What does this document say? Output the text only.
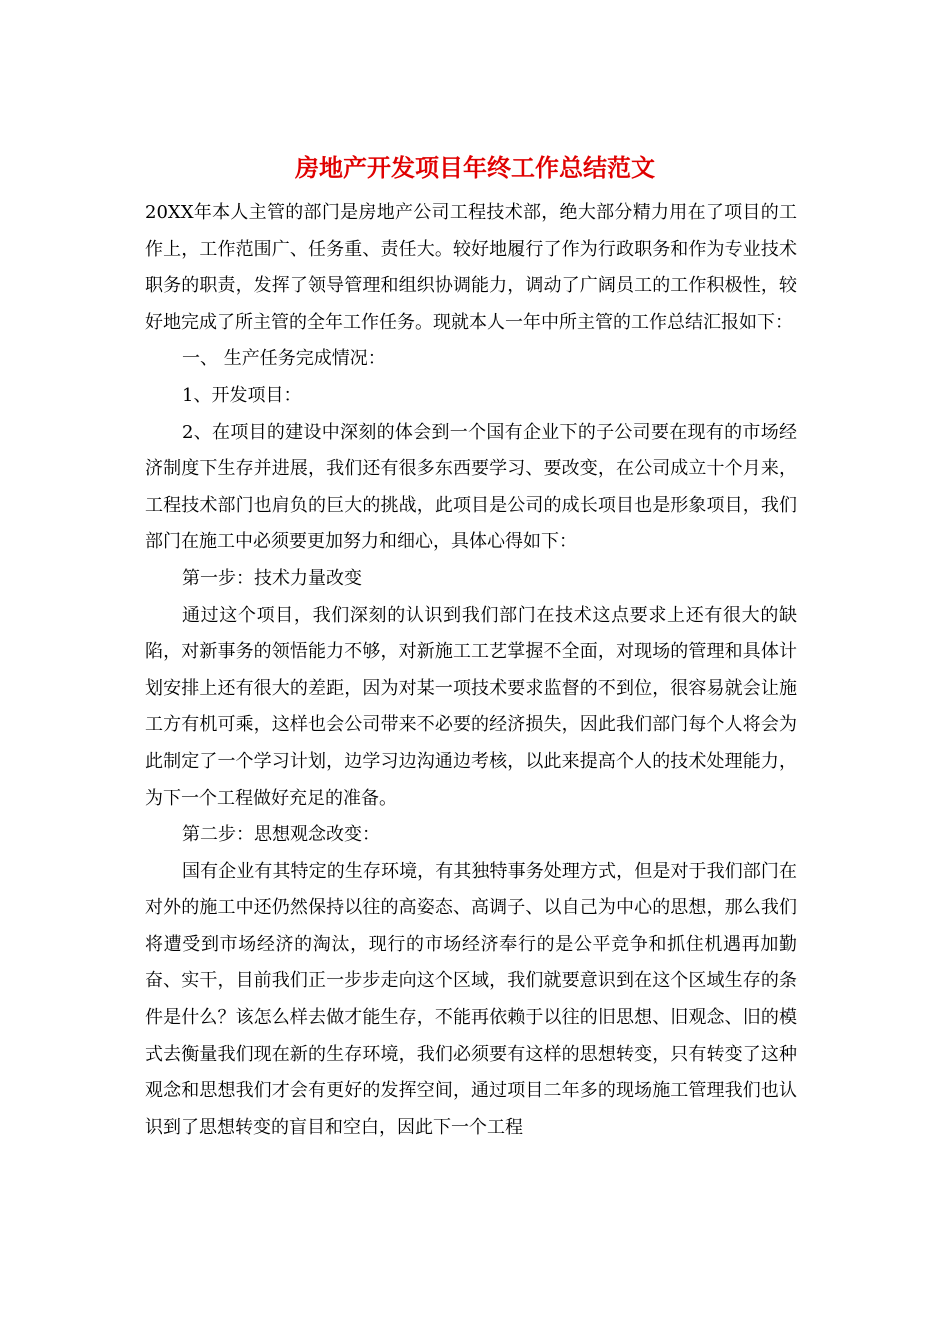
房地产开发项目年终工作总结范文

20XX年本人主管的部门是房地产公司工程技术部，绝大部分精力用在了项目的工作上，工作范围广、任务重、责任大。较好地履行了作为行政职务和作为专业技术职务的职责，发挥了领导管理和组织协调能力，调动了广阔员工的工作积极性，较好地完成了所主管的全年工作任务。现就本人一年中所主管的工作总结汇报如下：

一、 生产任务完成情况：

1、开发项目：

2、在项目的建设中深刻的体会到一个国有企业下的子公司要在现有的市场经济制度下生存并进展，我们还有很多东西要学习、要改变，在公司成立十个月来，工程技术部门也肩负的巨大的挑战，此项目是公司的成长项目也是形象项目，我们部门在施工中必须要更加努力和细心，具体心得如下：

第一步：技术力量改变

通过这个项目，我们深刻的认识到我们部门在技术这点要求上还有很大的缺陷，对新事务的领悟能力不够，对新施工工艺掌握不全面，对现场的管理和具体计划安排上还有很大的差距，因为对某一项技术要求监督的不到位，很容易就会让施工方有机可乘，这样也会公司带来不必要的经济损失，因此我们部门每个人将会为此制定了一个学习计划，边学习边沟通边考核，以此来提高个人的技术处理能力，为下一个工程做好充足的准备。

第二步：思想观念改变：

国有企业有其特定的生存环境，有其独特事务处理方式，但是对于我们部门在对外的施工中还仍然保持以往的高姿态、高调子、以自己为中心的思想，那么我们将遭受到市场经济的淘汰，现行的市场经济奉行的是公平竞争和抓住机遇再加勤奋、实干，目前我们正一步步走向这个区域，我们就要意识到在这个区域生存的条件是什么？该怎么样去做才能生存，不能再依赖于以往的旧思想、旧观念、旧的模式去衡量我们现在新的生存环境，我们必须要有这样的思想转变，只有转变了这种观念和思想我们才会有更好的发挥空间，通过项目二年多的现场施工管理我们也认识到了思想转变的盲目和空白，因此下一个工程
